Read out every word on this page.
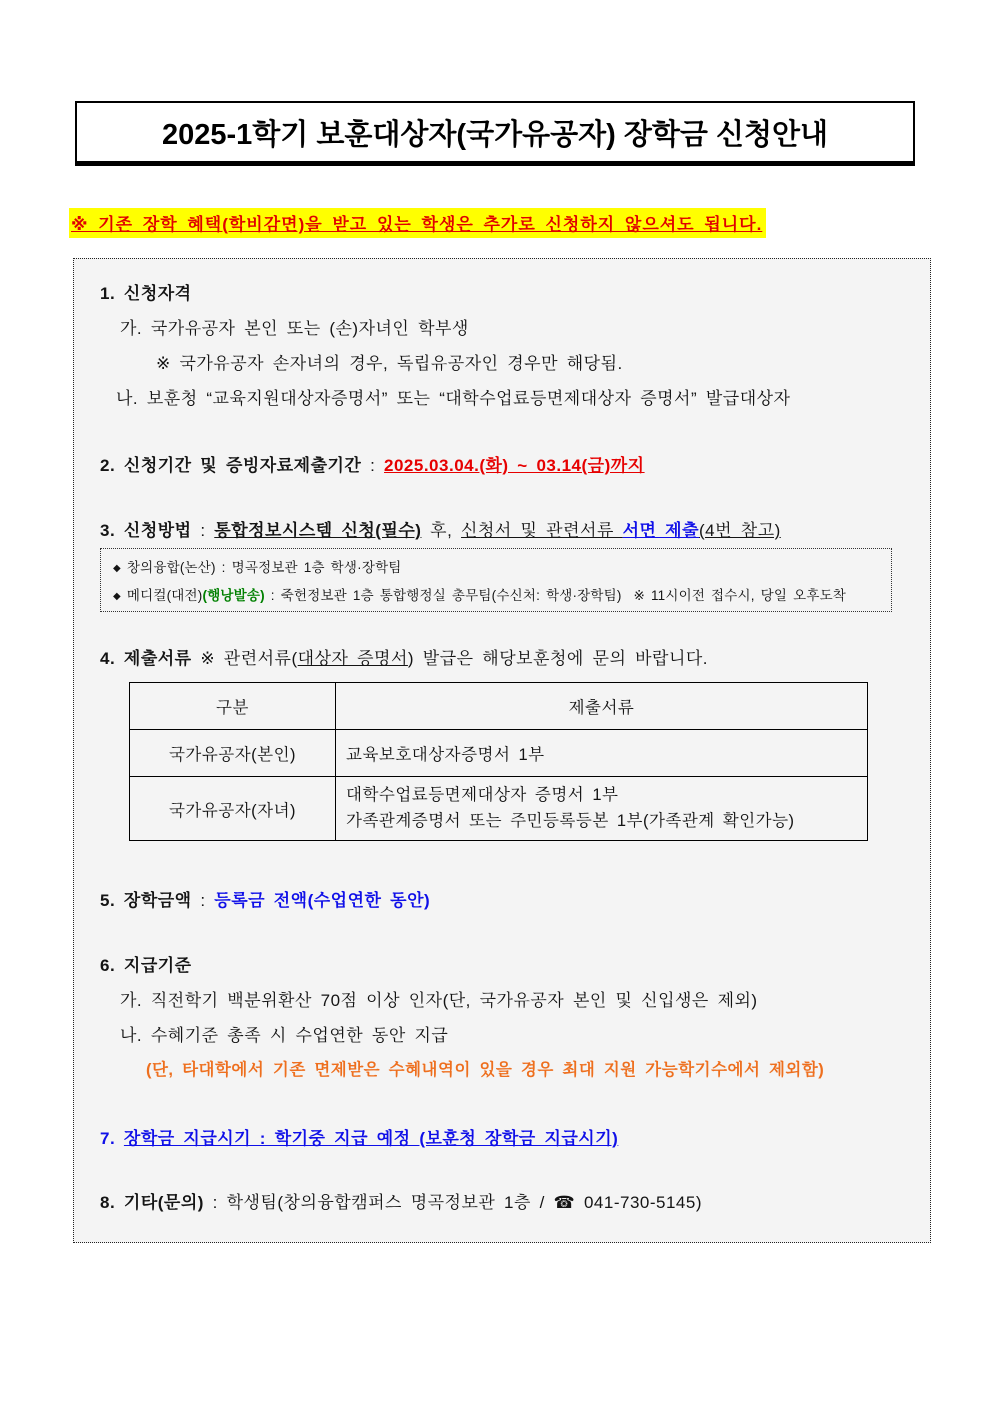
2025-1학기 보훈대상자(국가유공자) 장학금 신청안내
※ 기존 장학 혜택(학비감면)을 받고 있는 학생은 추가로 신청하지 않으셔도 됩니다.
1. 신청자격
가. 국가유공자 본인 또는 (손)자녀인 학부생
※ 국가유공자 손자녀의 경우, 독립유공자인 경우만 해당됨.
나. 보훈청 “교육지원대상자증명서” 또는 “대학수업료등면제대상자 증명서” 발급대상자
2. 신청기간 및 증빙자료제출기간 : 2025.03.04.(화) ~ 03.14(금)까지
3. 신청방법 : 통합정보시스템 신청(필수) 후, 신청서 및 관련서류 서면 제출(4번 참고)
◆ 창의융합(논산) : 명곡정보관 1층 학생·장학팀
◆ 메디컬(대전)(행낭발송) : 죽헌정보관 1층 통합행정실 총무팀(수신처: 학생·장학팀)  ※ 11시이전 접수시, 당일 오후도착
4. 제출서류 ※ 관련서류(대상자 증명서) 발급은 해당보훈청에 문의 바랍니다.
구분	제출서류
국가유공자(본인)	교육보호대상자증명서 1부
국가유공자(자녀)	대학수업료등면제대상자 증명서 1부
가족관계증명서 또는 주민등록등본 1부(가족관계 확인가능)
5. 장학금액 : 등록금 전액(수업연한 동안)
6. 지급기준
가. 직전학기 백분위환산 70점 이상 인자(단, 국가유공자 본인 및 신입생은 제외)
나. 수혜기준 총족 시 수업연한 동안 지급
(단, 타대학에서 기존 면제받은 수혜내역이 있을 경우 최대 지원 가능학기수에서 제외함)
7. 장학금 지급시기 : 학기중 지급 예정 (보훈청 장학금 지급시기)
8. 기타(문의) : 학생팀(창의융합캠퍼스 명곡정보관 1층 / ☎ 041-730-5145)
